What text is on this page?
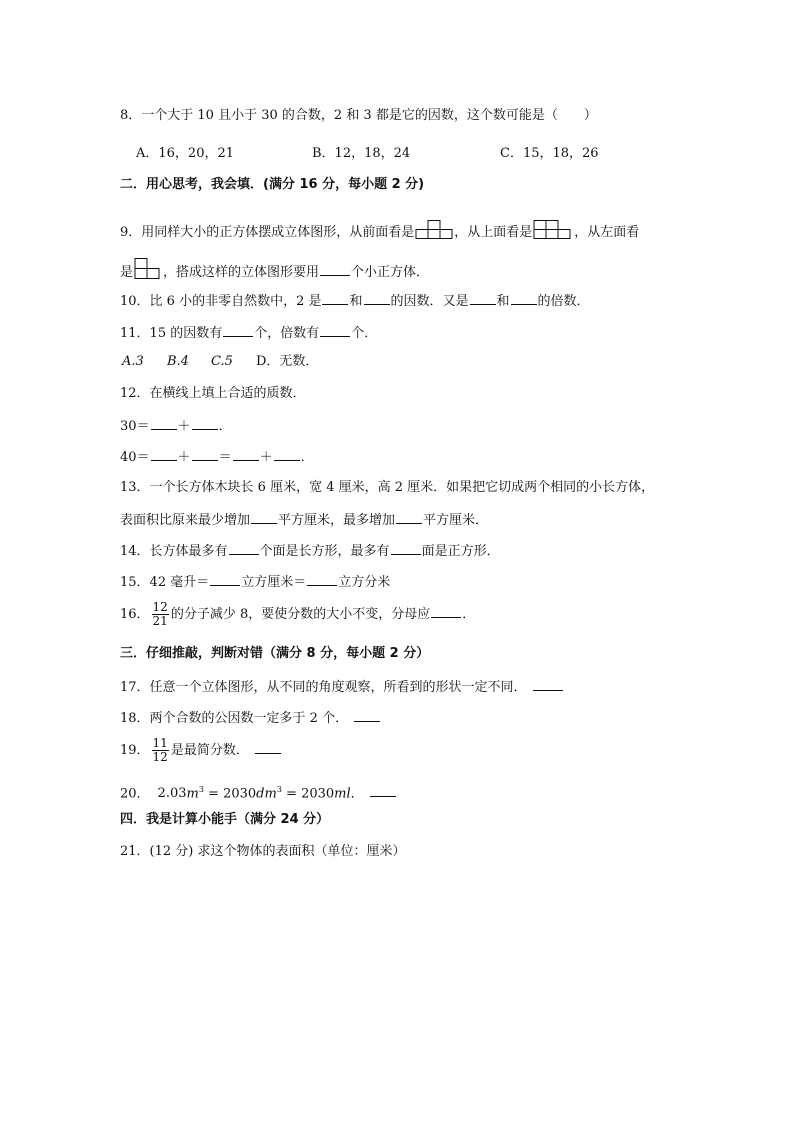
8．一个大于 10 且小于 30 的合数，2 和 3 都是它的因数，这个数可能是（　　）
A．16，20，21	B．12，18，24	C．15，18，26
二．用心思考，我会填．(满分 16 分，每小题 2 分)
9．用同样大小的正方体摆成立体图形，从前面看是	，从上面看是	，从左面看
是 ，搭成这样的立体图形要用 个小正方体．
10．比 6 小的非零自然数中，2 是 和 的因数．又是 和 的倍数．
11．15 的因数有 个，倍数有 个．
A.3 B.4 C.5 D．无数．
12．在横线上填上合适的质数．
30＝ ＋ ．
40＝ ＋ ＝ ＋ ．
13．一个长方体木块长 6 厘米，宽 4 厘米，高 2 厘米．如果把它切成两个相同的小长方体，
表面积比原来最少增加 平方厘米，最多增加 平方厘米．
14．长方体最多有 个面是长方形，最多有 面是正方形．
15．42 毫升＝ 立方厘米＝ 立方分米
16． $\frac{12}{21}$ 的分子减少 8，要使分数的大小不变，分母应 ．
三．仔细推敲，判断对错（满分 8 分，每小题 2 分）
17．任意一个立体图形，从不同的角度观察，所看到的形状一定不同．
18．两个合数的公因数一定多于 2 个．
19． $\frac{11}{12}$ 是最简分数．
20． $2.03m^3 = 2030dm^3 = 2030ml$．
四．我是计算小能手（满分 24 分）
21．(12 分) 求这个物体的表面积（单位：厘米）
